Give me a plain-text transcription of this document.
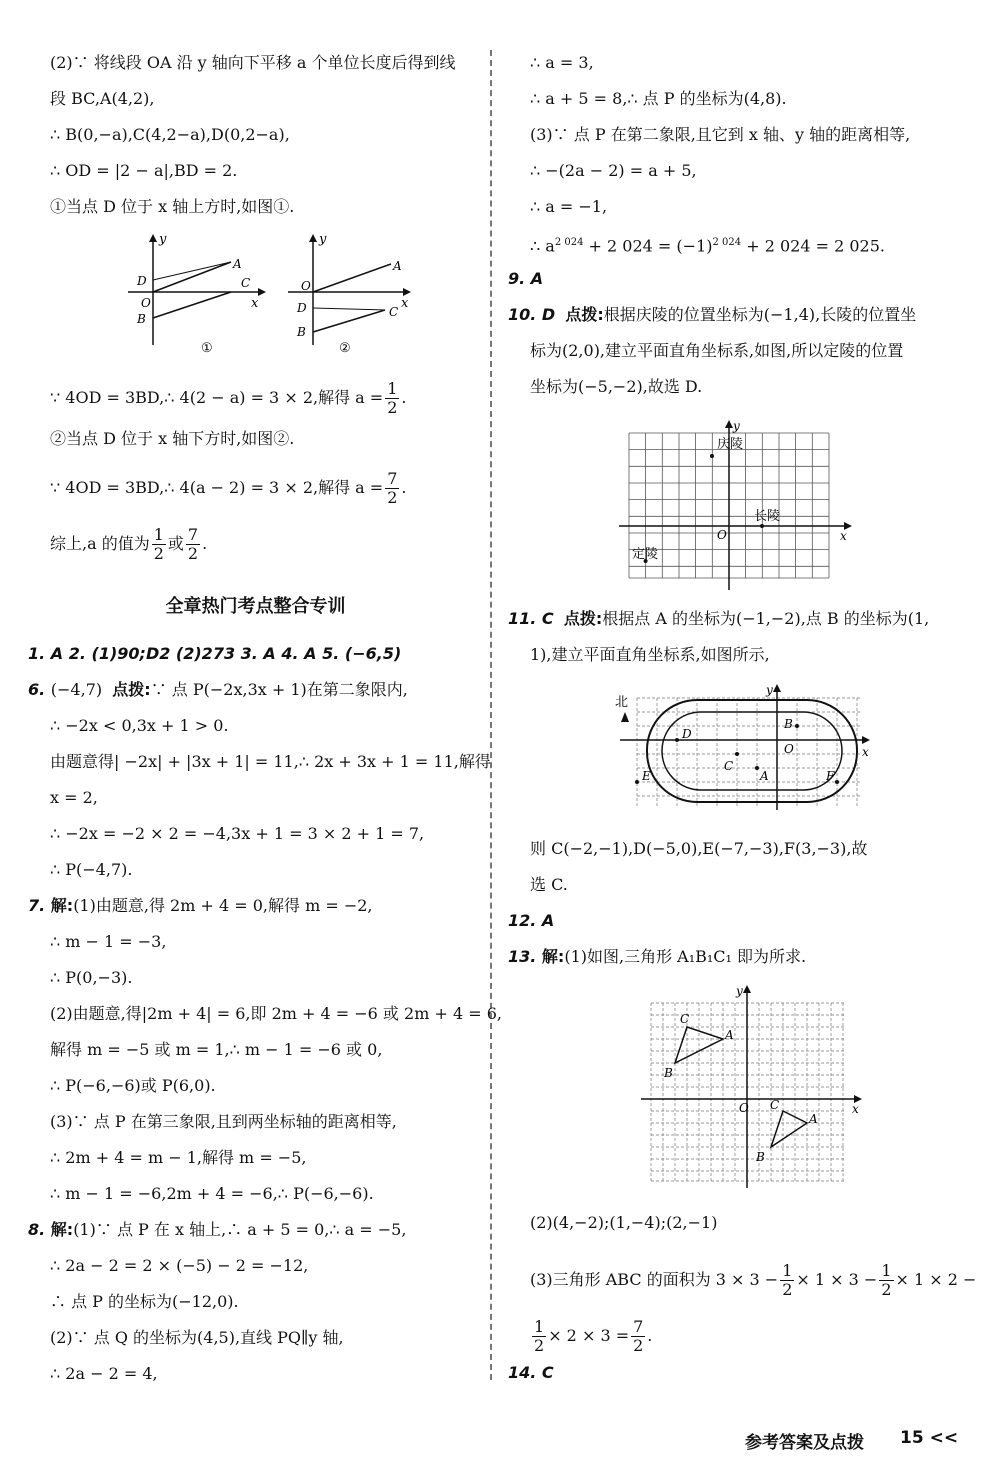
(2)∵ 将线段 OA 沿 y 轴向下平移 a 个单位长度后得到线
段 BC,A(4,2),
∴ B(0,−a),C(4,2−a),D(0,2−a),
∴ OD = |2 − a|,BD = 2.
①当点 D 位于 x 轴上方时,如图①.
y
x
O
A
C
D
B
①
y
x
O
A
C
D
B
②
∵ 4OD = 3BD,∴ 4(2 − a) = 3 × 2,解得 $a = \frac{1}{2}$ .
②当点 D 位于 x 轴下方时,如图②.
∵ 4OD = 3BD,∴ 4(a − 2) = 3 × 2,解得 $a = \frac{7}{2}$ .
综上,a 的值为 $\frac{1}{2}$ 或 $\frac{7}{2}$ .
全章热门考点整合专训
1. A 2. (1)90;D2 (2)273 3. A 4. A 5. (−6,5)
6. (−4,7) 点拨:∵ 点 P(−2x,3x + 1)在第二象限内,
∴ −2x < 0,3x + 1 > 0.
由题意得| −2x| + |3x + 1| = 11,∴ 2x + 3x + 1 = 11,解得
x = 2,
∴ −2x = −2 × 2 = −4,3x + 1 = 3 × 2 + 1 = 7,
∴ P(−4,7).
7. 解:(1)由题意,得 2m + 4 = 0,解得 m = −2,
∴ m − 1 = −3,
∴ P(0,−3).
(2)由题意,得|2m + 4| = 6,即 2m + 4 = −6 或 2m + 4 = 6,
解得 m = −5 或 m = 1,∴ m − 1 = −6 或 0,
∴ P(−6,−6)或 P(6,0).
(3)∵ 点 P 在第三象限,且到两坐标轴的距离相等,
∴ 2m + 4 = m − 1,解得 m = −5,
∴ m − 1 = −6,2m + 4 = −6,∴ P(−6,−6).
8. 解:(1)∵ 点 P 在 x 轴上,∴ a + 5 = 0,∴ a = −5,
∴ 2a − 2 = 2 × (−5) − 2 = −12,
∴ 点 P 的坐标为(−12,0).
(2)∵ 点 Q 的坐标为(4,5),直线 PQ∥y 轴,
∴ 2a − 2 = 4,
∴ a = 3,
∴ a + 5 = 8,∴ 点 P 的坐标为(4,8).
(3)∵ 点 P 在第二象限,且它到 x 轴、y 轴的距离相等,
∴ −(2a − 2) = a + 5,
∴ a = −1,
∴ $a^{2 024} + 2$ $024 = (-1)^{2 024} + 2$ 024 = 2 025.
9. A
10. D 点拨:根据庆陵的位置坐标为(−1,4),长陵的位置坐
标为(2,0),建立平面直角坐标系,如图,所以定陵的位置
坐标为(−5,−2),故选 D.
y
x
O
庆陵
长陵
定陵
11. C 点拨:根据点 A 的坐标为(−1,−2),点 B 的坐标为(1,
1),建立平面直角坐标系,如图所示,
y
x
O
北
B
A
C
D
E	F
则 C(−2,−1),D(−5,0),E(−7,−3),F(3,−3),故
选 C.
12. A
13. 解:(1)如图,三角形 A₁B₁C₁ 即为所求.
y
x
O
C
A
B
C
A
B
(2)(4,−2);(1,−4);(2,−1)
(3)三角形 ABC 的面积为 $3 \times 3 - \frac{1}{2} \times 1 \times 3 - \frac{1}{2} \times 1 \times 2$ −
$\frac{1}{2} \times 2 \times 3 = \frac{7}{2}$ .
14. C
参考答案及点拨 15 <<
